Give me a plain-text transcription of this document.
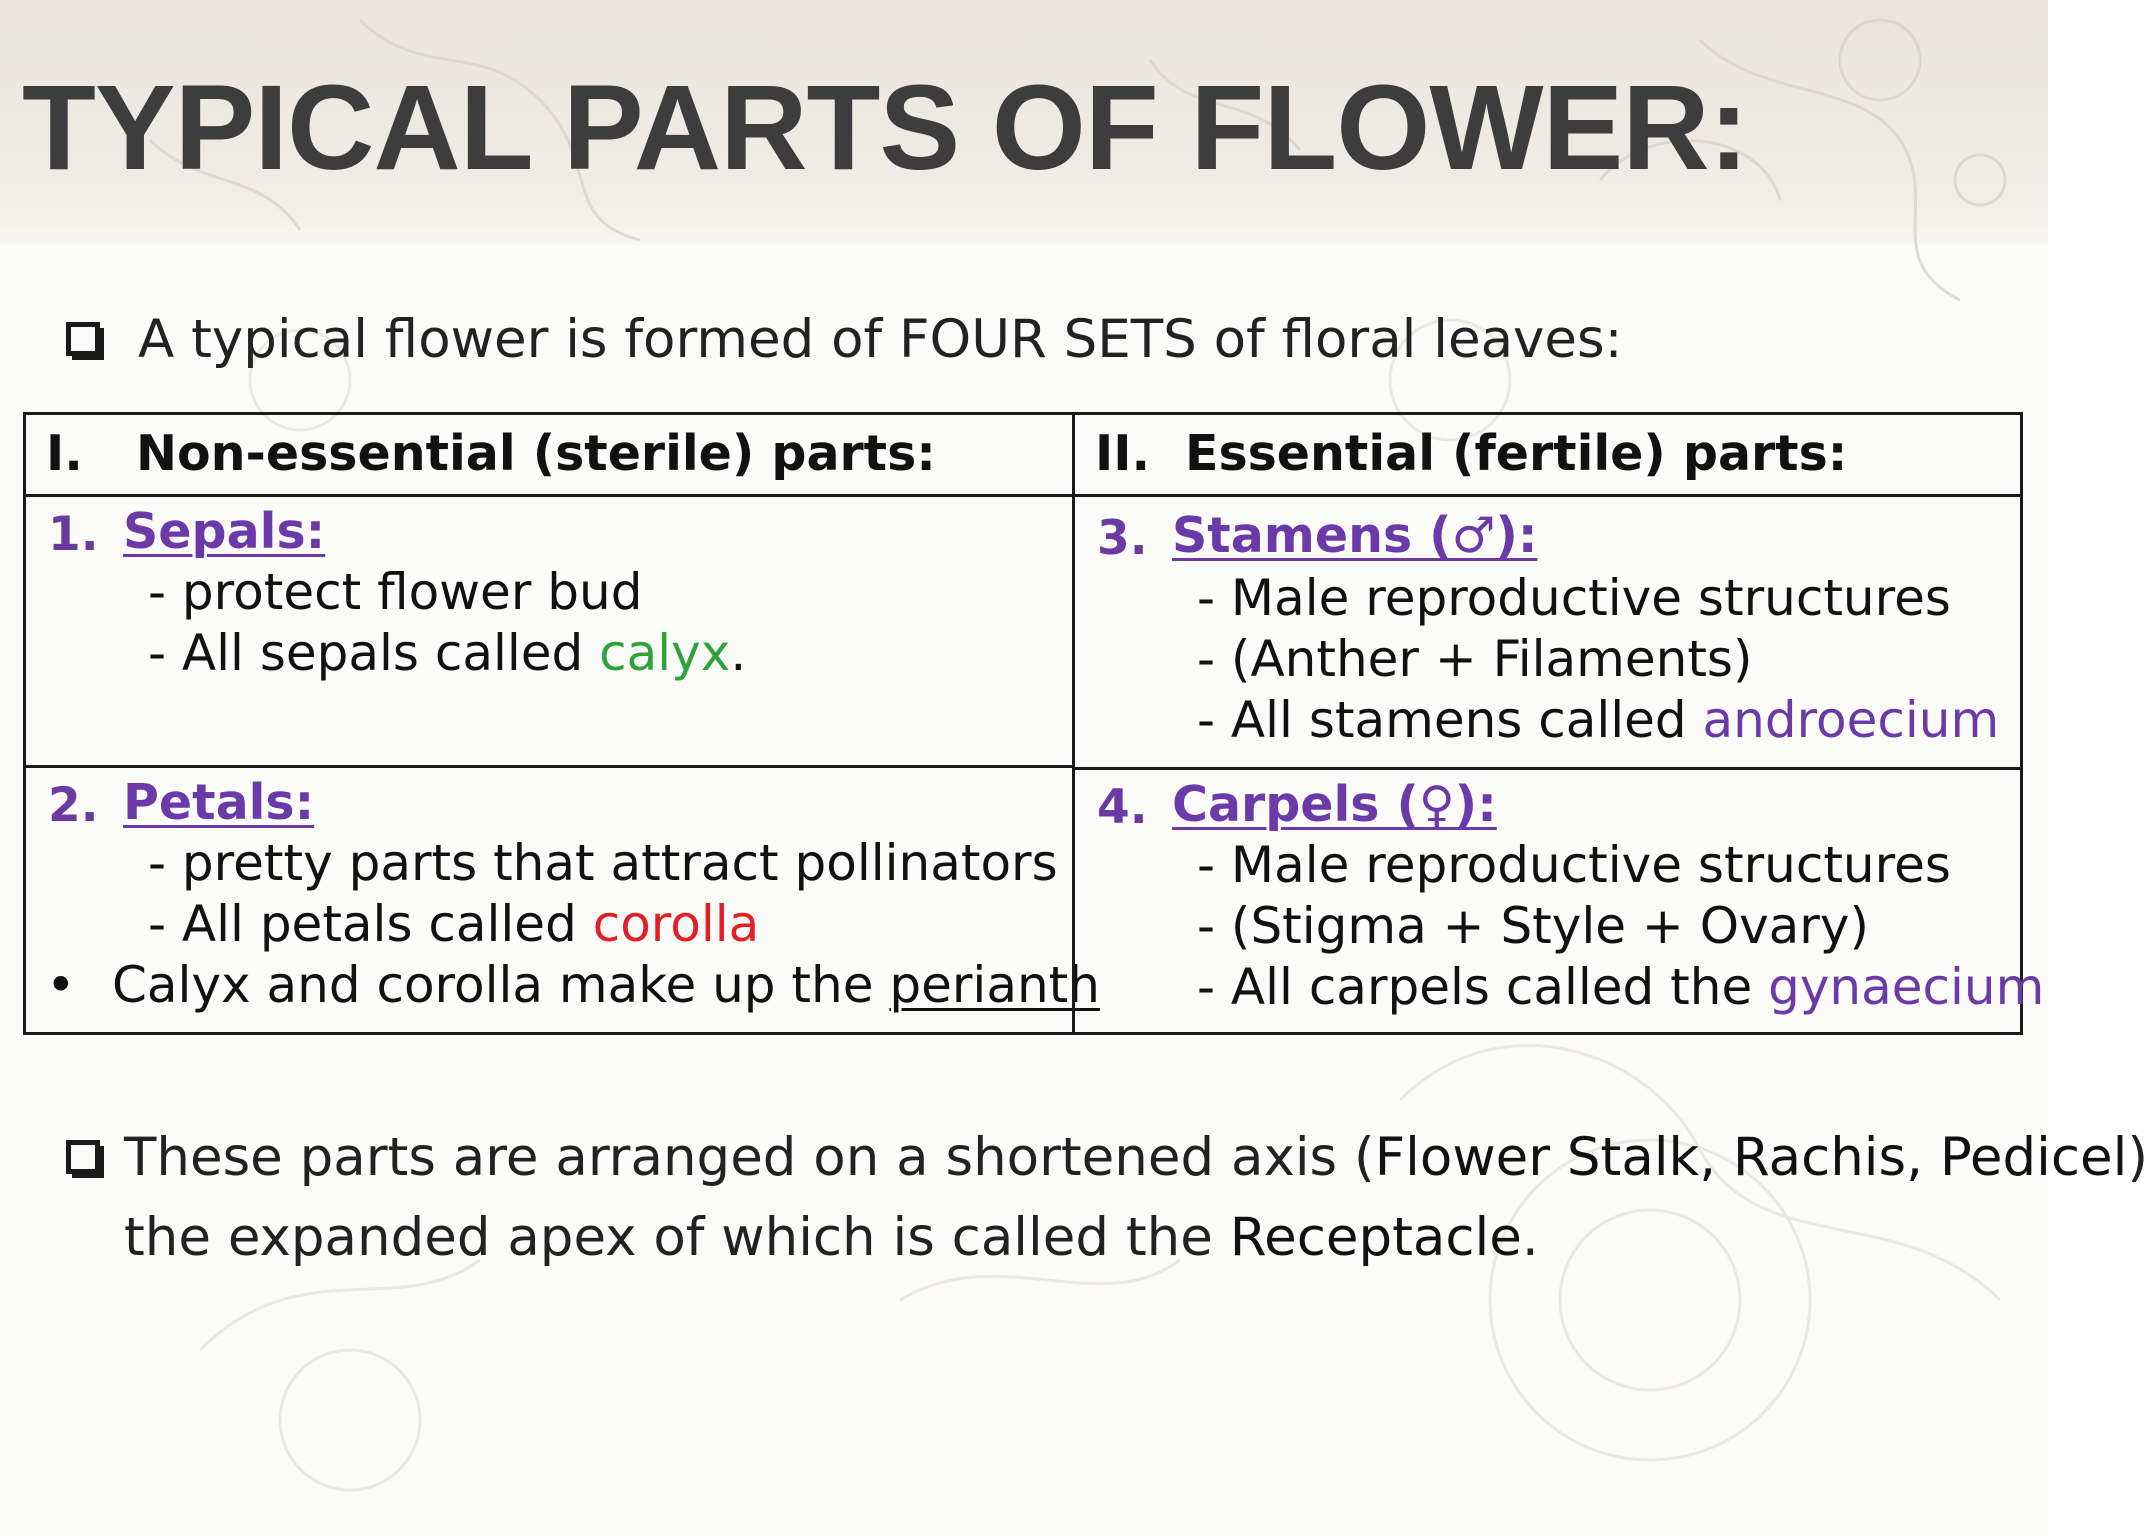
TYPICAL PARTS OF FLOWER:
A typical flower is formed of FOUR SETS of floral leaves:
I. Non-essential (sterile) parts:	II. Essential (fertile) parts:
1. Sepals:
- protect flower bud
- All sepals called calyx.
3. Stamens (♂):
- Male reproductive structures
- (Anther + Filaments)
- All stamens called androecium
2. Petals:
- pretty parts that attract pollinators
- All petals called corolla
• Calyx and corolla make up the perianth
4. Carpels (♀):
- Male reproductive structures
- (Stigma + Style + Ovary)
- All carpels called the gynaecium
These parts are arranged on a shortened axis (Flower Stalk, Rachis, Pedicel)
the expanded apex of which is called the Receptacle.
